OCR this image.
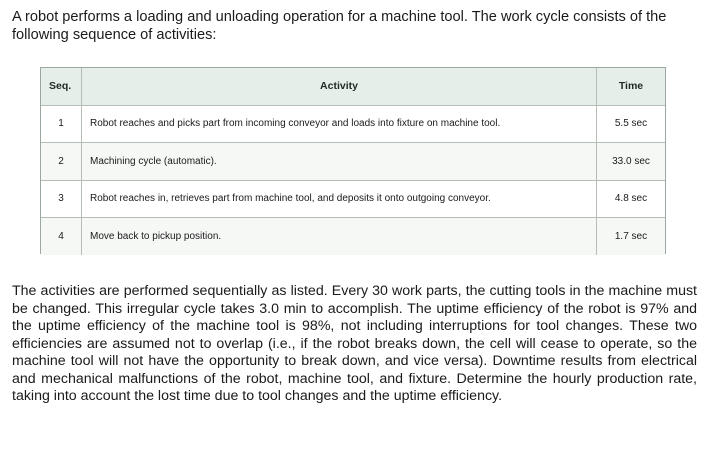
A robot performs a loading and unloading operation for a machine tool. The work cycle consists of the following sequence of activities:

Seq.	Activity	Time
1	Robot reaches and picks part from incoming conveyor and loads into fixture on machine tool.	5.5 sec
2	Machining cycle (automatic).	33.0 sec
3	Robot reaches in, retrieves part from machine tool, and deposits it onto outgoing conveyor.	4.8 sec
4	Move back to pickup position.	1.7 sec

The activities are performed sequentially as listed. Every 30 work parts, the cutting tools in the machine must be changed. This irregular cycle takes 3.0 min to accomplish. The uptime efficiency of the robot is 97% and the uptime efficiency of the machine tool is 98%, not including interruptions for tool changes. These two efficiencies are assumed not to overlap (i.e., if the robot breaks down, the cell will cease to operate, so the machine tool will not have the opportunity to break down, and vice versa). Downtime results from electrical and mechanical malfunctions of the robot, machine tool, and fixture. Determine the hourly production rate, taking into account the lost time due to tool changes and the uptime efficiency.
